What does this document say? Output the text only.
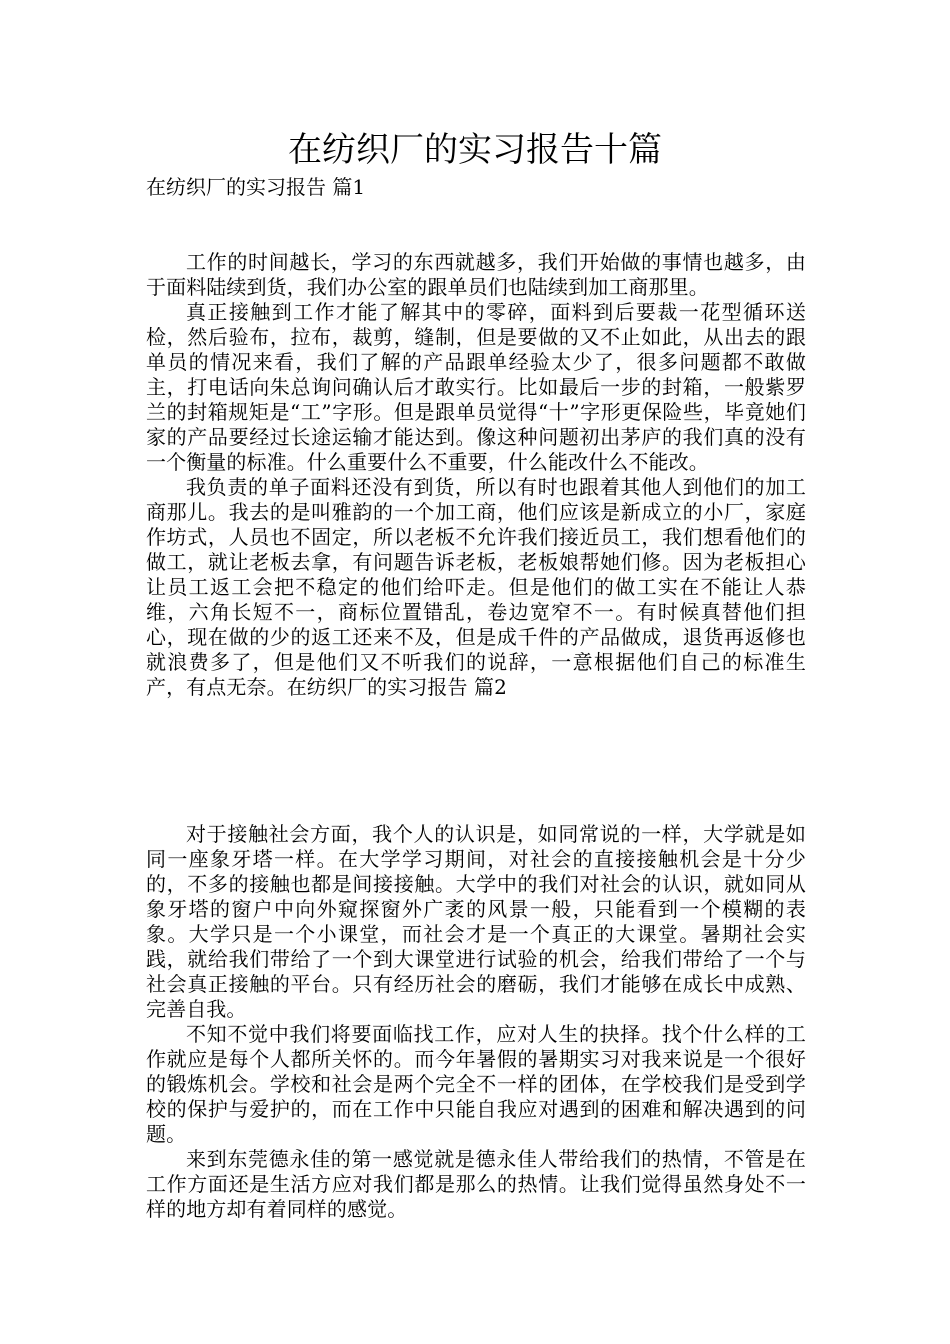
在纺织厂的实习报告十篇
在纺织厂的实习报告 篇1

工作的时间越长，学习的东西就越多，我们开始做的事情也越多，由于面料陆续到货，我们办公室的跟单员们也陆续到加工商那里。

真正接触到工作才能了解其中的零碎，面料到后要裁一花型循环送检，然后验布，拉布，裁剪，缝制，但是要做的又不止如此，从出去的跟单员的情况来看，我们了解的产品跟单经验太少了，很多问题都不敢做主，打电话向朱总询问确认后才敢实行。比如最后一步的封箱，一般紫罗兰的封箱规矩是“工”字形。但是跟单员觉得“十”字形更保险些，毕竟她们家的产品要经过长途运输才能达到。像这种问题初出茅庐的我们真的没有一个衡量的标准。什么重要什么不重要，什么能改什么不能改。

我负责的单子面料还没有到货，所以有时也跟着其他人到他们的加工商那儿。我去的是叫雅韵的一个加工商，他们应该是新成立的小厂，家庭作坊式，人员也不固定，所以老板不允许我们接近员工，我们想看他们的做工，就让老板去拿，有问题告诉老板，老板娘帮她们修。因为老板担心让员工返工会把不稳定的他们给吓走。但是他们的做工实在不能让人恭维，六角长短不一，商标位置错乱，卷边宽窄不一。有时候真替他们担心，现在做的少的返工还来不及，但是成千件的产品做成，退货再返修也就浪费多了，但是他们又不听我们的说辞，一意根据他们自己的标准生产，有点无奈。在纺织厂的实习报告 篇2

对于接触社会方面，我个人的认识是，如同常说的一样，大学就是如同一座象牙塔一样。在大学学习期间，对社会的直接接触机会是十分少的，不多的接触也都是间接接触。大学中的我们对社会的认识，就如同从象牙塔的窗户中向外窥探窗外广袤的风景一般，只能看到一个模糊的表象。大学只是一个小课堂，而社会才是一个真正的大课堂。暑期社会实践，就给我们带给了一个到大课堂进行试验的机会，给我们带给了一个与社会真正接触的平台。只有经历社会的磨砺，我们才能够在成长中成熟、完善自我。

不知不觉中我们将要面临找工作，应对人生的抉择。找个什么样的工作就应是每个人都所关怀的。而今年暑假的暑期实习对我来说是一个很好的锻炼机会。学校和社会是两个完全不一样的团体，在学校我们是受到学校的保护与爱护的，而在工作中只能自我应对遇到的困难和解决遇到的问题。

来到东莞德永佳的第一感觉就是德永佳人带给我们的热情，不管是在工作方面还是生活方应对我们都是那么的热情。让我们觉得虽然身处不一样的地方却有着同样的感觉。
